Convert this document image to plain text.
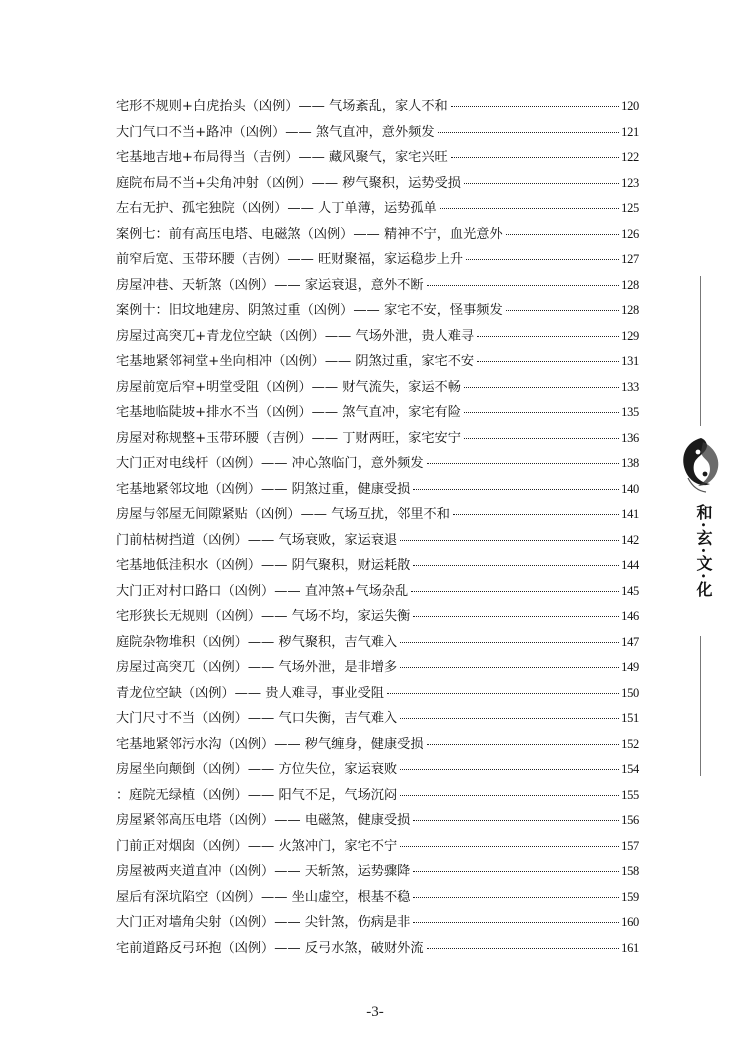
宅形不规则+白虎抬头（凶例）—— 气场紊乱，家人不和	120
大门气口不当+路冲（凶例）—— 煞气直冲，意外频发	121
宅基地吉地+布局得当（吉例）—— 藏风聚气，家宅兴旺	122
庭院布局不当+尖角冲射（凶例）—— 秽气聚积，运势受损	123
左右无护、孤宅独院（凶例）—— 人丁单薄，运势孤单	125
案例七：前有高压电塔、电磁煞（凶例）—— 精神不宁，血光意外	126
前窄后宽、玉带环腰（吉例）—— 旺财聚福，家运稳步上升	127
房屋冲巷、天斩煞（凶例）—— 家运衰退，意外不断	128
案例十：旧坟地建房、阴煞过重（凶例）—— 家宅不安，怪事频发	128
房屋过高突兀+青龙位空缺（凶例）—— 气场外泄，贵人难寻	129
宅基地紧邻祠堂+坐向相冲（凶例）—— 阴煞过重，家宅不安	131
房屋前宽后窄+明堂受阻（凶例）—— 财气流失，家运不畅	133
宅基地临陡坡+排水不当（凶例）—— 煞气直冲，家宅有险	135
房屋对称规整+玉带环腰（吉例）—— 丁财两旺，家宅安宁	136
大门正对电线杆（凶例）—— 冲心煞临门，意外频发	138
宅基地紧邻坟地（凶例）—— 阴煞过重，健康受损	140
房屋与邻屋无间隙紧贴（凶例）—— 气场互扰，邻里不和	141
门前枯树挡道（凶例）—— 气场衰败，家运衰退	142
宅基地低洼积水（凶例）—— 阴气聚积，财运耗散	144
大门正对村口路口（凶例）—— 直冲煞+气场杂乱	145
宅形狭长无规则（凶例）—— 气场不均，家运失衡	146
庭院杂物堆积（凶例）—— 秽气聚积，吉气难入	147
房屋过高突兀（凶例）—— 气场外泄，是非增多	149
青龙位空缺（凶例）—— 贵人难寻，事业受阻	150
大门尺寸不当（凶例）—— 气口失衡，吉气难入	151
宅基地紧邻污水沟（凶例）—— 秽气缠身，健康受损	152
房屋坐向颠倒（凶例）—— 方位失位，家运衰败	154
：庭院无绿植（凶例）—— 阳气不足，气场沉闷	155
房屋紧邻高压电塔（凶例）—— 电磁煞，健康受损	156
门前正对烟囱（凶例）—— 火煞冲门，家宅不宁	157
房屋被两夹道直冲（凶例）—— 天斩煞，运势骤降	158
屋后有深坑陷空（凶例）—— 坐山虚空，根基不稳	159
大门正对墙角尖射（凶例）—— 尖针煞，伤病是非	160
宅前道路反弓环抱（凶例）—— 反弓水煞，破财外流	161
和·玄·文·化
-3-
